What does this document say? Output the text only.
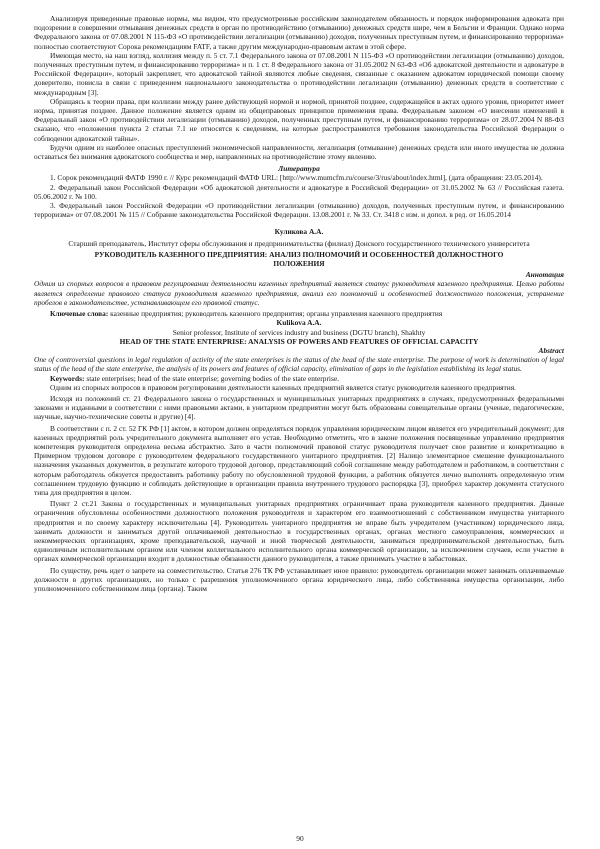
Анализируя приведенные правовые нормы, мы видим, что предусмотренные российским законодателем обязанность и порядок информирования адвоката при подозрении в совершении отмывания денежных средств в орган по противодействию (отмыванию) денежных средств шире, чем в Бельгии и Франции. Однако норма Федерального закона от 07.08.2001 N 115-ФЗ «О противодействии легализации (отмыванию) доходов, полученных преступным путем, и финансированию терроризма» полностью соответствуют Сорока рекомендациям FATF, а также другим международно-правовым актам в этой сфере.

Имеющая место, на наш взгляд, коллизия между п. 5 ст. 7.1 Федерального закона от 07.08.2001 N 115-ФЗ «О противодействии легализации (отмыванию) доходов, полученных преступным путем, и финансированию терроризма» и п. 1 ст. 8 Федерального закона от 31.05.2002 N 63-ФЗ «Об адвокатской деятельности и адвокатуре в Российской Федерации», который закрепляет, что адвокатской тайной являются любые сведения, связанные с оказанием адвокатом юридической помощи своему доверителю, повисла в связи с приведением национального законодательства о противодействии легализации (отмыванию) денежных средств в соответствие с международным [3].

Обращаясь к теории права, при коллизии между ранее действующей нормой и нормой, принятой позднее, содержащейся в актах одного уровня, приоритет имеет норма, принятая позднее. Данное положение является одним из общеправовых принципов применения права. Федеральным законом «О внесении изменений в Федеральный закон «О противодействии легализации (отмыванию) доходов, полученных преступным путем, и финансированию терроризма» от 28.07.2004 N 88-ФЗ сказано, что «положения пункта 2 статьи 7.1 не относятся к сведениям, на которые распространяются требования законодательства Российской Федерации о соблюдении адвокатской тайны».

Будучи одним из наиболее опасных преступлений экономической направленности, легализация (отмывание) денежных средств или иного имущества не должна оставаться без внимания адвокатского сообщества и мер, направленных на противодействие этому явлению.

Литература

1. Сорок рекомендаций ФАТФ 1990 г. // Курс рекомендаций ФАТФ URL: [http://www.mumcfm.ru/course/3/rus/about/index.html], (дата обращения: 23.05.2014).

2. Федеральный закон Российской Федерации «Об адвокатской деятельности и адвокатуре в Российской Федерации» от 31.05.2002 № 63 // Российская газета. 05.06.2002 г. № 100.

3. Федеральный закон Российской Федерации «О противодействии легализации (отмыванию) доходов, полученных преступным путем, и финансированию терроризма» от 07.08.2001 № 115 // Собрание законодательства Российской Федерации. 13.08.2001 г. № 33. Ст. 3418 с изм. и допол. в ред. от 16.05.2014

Куликова А.А.

Старший преподаватель, Институт сферы обслуживания и предпринимательства (филиал) Донского государственного технического университета

РУКОВОДИТЕЛЬ КАЗЕННОГО ПРЕДПРИЯТИЯ: АНАЛИЗ ПОЛНОМОЧИЙ И ОСОБЕННОСТЕЙ ДОЛЖНОСТНОГО ПОЛОЖЕНИЯ

Аннотация

Одним из спорных вопросов в правовом регулировании деятельности казенных предприятий является статус руководителя казенного предприятия. Целью работы является определение правового статуса руководителя казенного предприятия, анализ его полномочий и особенностей должностного положения, устранение пробелов в законодательстве, устанавливающем его правовой статус.

Ключевые слова: казенные предприятия; руководитель казенного предприятия; органы управления казенного предприятия

Kulikova A.A.

Senior professor, Institute of services industry and business (DGTU branch), Shakhty

HEAD OF THE STATE ENTERPRISE: ANALYSIS OF POWERS AND FEATURES OF OFFICIAL CAPACITY

Abstract

One of controversial questions in legal regulation of activity of the state enterprises is the status of the head of the state enterprise. The purpose of work is determination of legal status of the head of the state enterprise, the analysis of its powers and features of official capacity, elimination of gaps in the legislation establishing its legal status.

Keywords: state enterprises; head of the state enterprise; governing bodies of the state enterprise.

Одним из спорных вопросов в правовом регулировании деятельности казенных предприятий является статус руководителя казенного предприятия.

Исходя из положений ст. 21 Федерального закона о государственных и муниципальных унитарных предприятиях в случаях, предусмотренных федеральными законами и изданными в соответствии с ними правовыми актами, в унитарном предприятии могут быть образованы совещательные органы (ученые, педагогические, научные, научно-технические советы и другие) [4].

В соответствии с п. 2 ст. 52 ГК РФ [1] актом, в котором должен определяться порядок управления юридическим лицом является его учредительный документ; для казенных предприятий роль учредительного документа выполняет его устав. Необходимо отметить, что в законе положения посвященные управлению предприятия компетенция руководителя определена весьма абстрактно. Зато в части полномочий правовой статус руководителя получает свое развитие и конкретизацию в Примерном трудовом договоре с руководителем федерального государственного унитарного предприятия. [2] Налицо элементарное смешение функционального назначения указанных документов, в результате которого трудовой договор, представляющий собой соглашение между работодателем и работником, в соответствии с которым работодатель обязуется предоставить работнику работу по обусловленной трудовой функции, а работник обязуется лично выполнять определенную этим соглашением трудовую функцию и соблюдать действующие в организации правила внутреннего трудового распорядка [3], приобрел характер документа статусного типа для предприятия в целом.

Пункт 2 ст.21 Закона о государственных и муниципальных унитарных предприятиях ограничивает права руководителя казенного предприятия. Данные ограничения обусловлены особенностями должностного положения руководителя и характером его взаимоотношений с собственником имущества унитарного предприятия и по своему характеру исключительны [4]. Руководитель унитарного предприятия не вправе быть учредителем (участником) юридического лица, занимать должности и заниматься другой оплачиваемой деятельностью в государственных органах, органах местного самоуправления, коммерческих и некоммерческих организациях, кроме преподавательской, научной и иной творческой деятельности, заниматься предпринимательской деятельностью, быть единоличным исполнительным органом или членом коллегиального исполнительного органа коммерческой организации, за исключением случаев, если участие в органах коммерческой организации входит в должностные обязанности данного руководителя, а также принимать участие в забастовках.

По существу, речь идет о запрете на совместительство. Статья 276 ТК РФ устанавливает иное правило: руководитель организации может занимать оплачиваемые должности в других организациях, но только с разрешения уполномоченного органа юридического лица, либо собственника имущества организации, либо уполномоченного собственником лица (органа). Таким

90
